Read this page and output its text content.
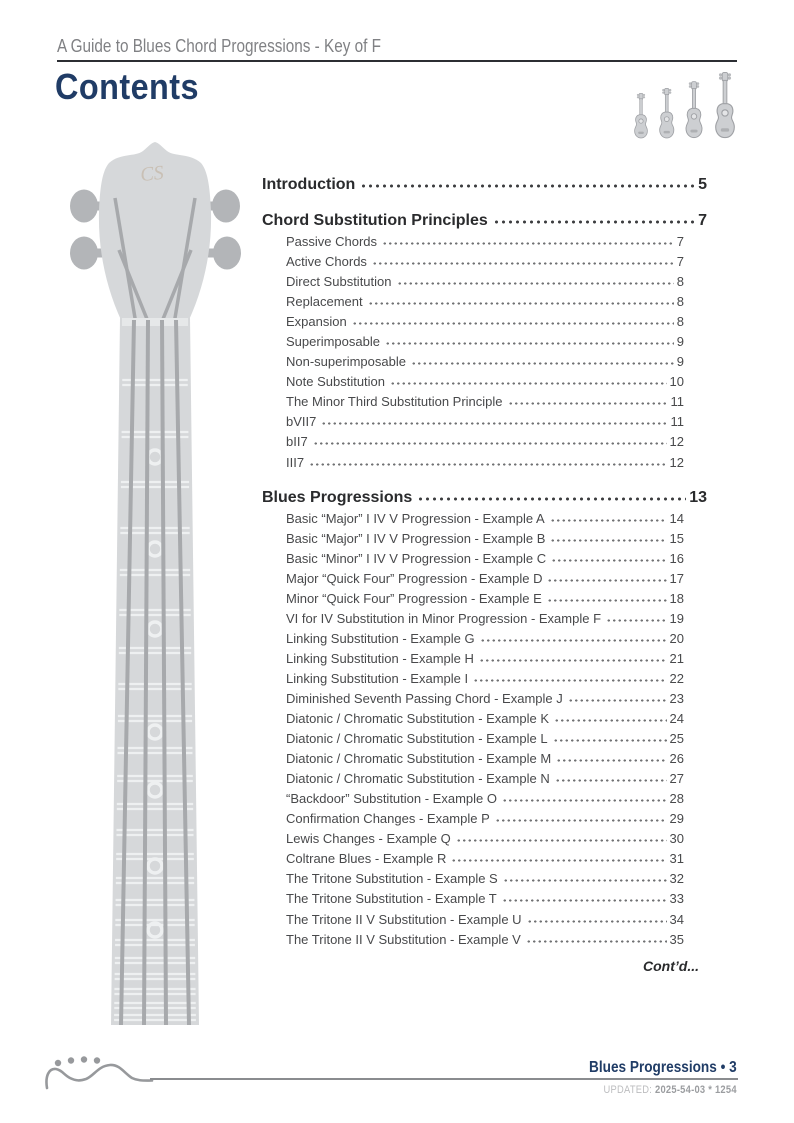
A Guide to Blues Chord Progressions - Key of F
Contents
CS	Introduction	5
Chord Substitution Principles	7
Passive Chords	7
Active Chords	7
Direct Substitution	8
Replacement	8
Expansion	8
Superimposable	9
Non-superimposable	9
Note Substitution	10
The Minor Third Substitution Principle	11
bVII7	11
bII7	12
III7	12
Blues Progressions	13
Basic “Major” I IV V Progression - Example A	14
Basic “Major” I IV V Progression - Example B	15
Basic “Minor” I IV V Progression - Example C	16
Major “Quick Four” Progression - Example D	17
Minor “Quick Four” Progression - Example E	18
VI for IV Substitution in Minor Progression - Example F	19
Linking Substitution - Example G	20
Linking Substitution - Example H	21
Linking Substitution - Example I	22
Diminished Seventh Passing Chord - Example J	23
Diatonic / Chromatic Substitution - Example K	24
Diatonic / Chromatic Substitution - Example L	25
Diatonic / Chromatic Substitution - Example M	26
Diatonic / Chromatic Substitution - Example N	27
“Backdoor” Substitution - Example O	28
Confirmation Changes - Example P	29
Lewis Changes - Example Q	30
Coltrane Blues - Example R	31
The Tritone Substitution - Example S	32
The Tritone Substitution - Example T	33
The Tritone II V Substitution - Example U	34
The Tritone II V Substitution - Example V	35
Cont’d...
Blues Progressions • 3
UPDATED: 2025-54-03 * 1254
